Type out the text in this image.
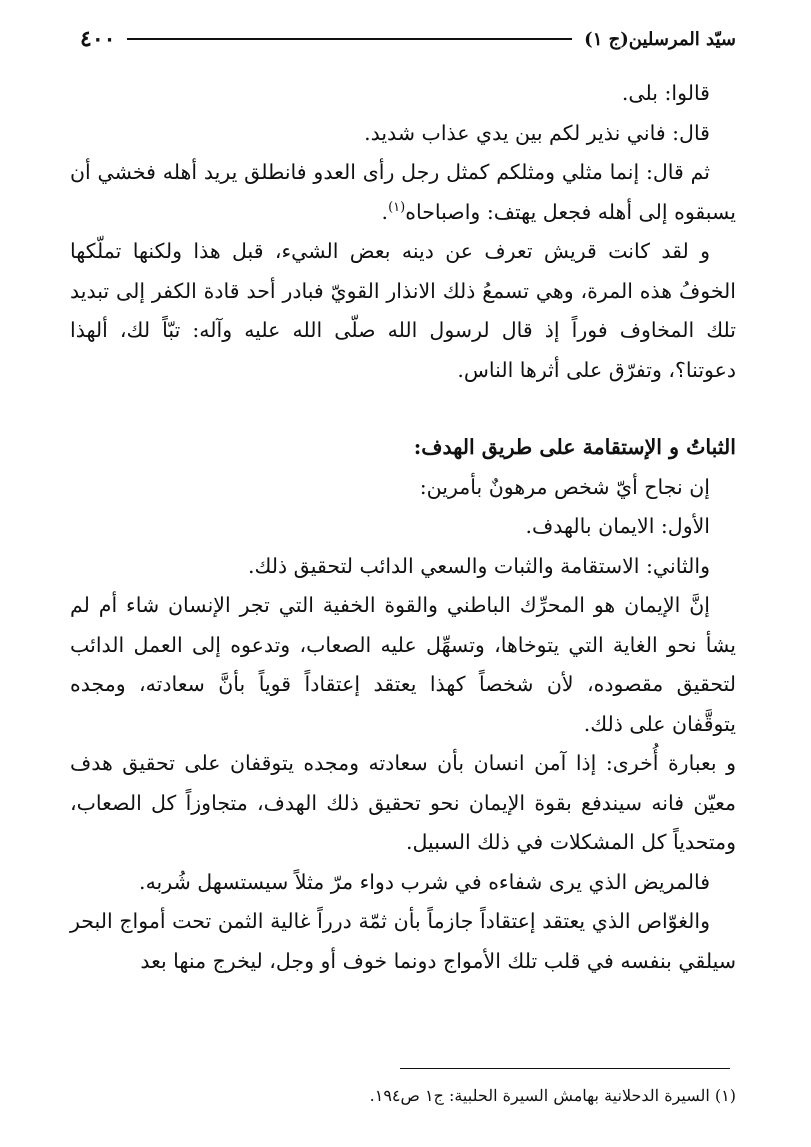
سيّد المرسلين(ج ١)
٤٠٠

قالوا: بلى.

قال: فاني نذير لكم بين يدي عذاب شديد.

ثم قال: إنما مثلي ومثلكم كمثل رجل رأى العدو فانطلق يريد أهله فخشي أن يسبقوه إلى أهله فجعل يهتف: واصباحاه$^{(١)}$.

و لقد كانت قريش تعرف عن دينه بعض الشيء، قبل هذا ولكنها تملّكها الخوفُ هذه المرة، وهي تسمعُ ذلك الانذار القويّ فبادر أحد قادة الكفر إلى تبديد تلك المخاوف فوراً إذ قال لرسول الله صلّى الله عليه وآله: تبّاً لك، ألهذا دعوتنا؟، وتفرّق على أثرها الناس.

الثباتُ و الإستقامة على طريق الهدف:

إن نجاح أيّ شخص مرهونٌ بأمرين:

الأول: الايمان بالهدف.

والثاني: الاستقامة والثبات والسعي الدائب لتحقيق ذلك.

إنَّ الإيمان هو المحرِّك الباطني والقوة الخفية التي تجر الإنسان شاء أم لم يشأ نحو الغاية التي يتوخاها، وتسهِّل عليه الصعاب، وتدعوه إلى العمل الدائب لتحقيق مقصوده، لأن شخصاً كهذا يعتقد إعتقاداً قوياً بأنَّ سعادته، ومجده يتوقَّفان على ذلك.

و بعبارة أُخرى: إذا آمن انسان بأن سعادته ومجده يتوقفان على تحقيق هدف معيّن فانه سيندفع بقوة الإيمان نحو تحقيق ذلك الهدف، متجاوزاً كل الصعاب، ومتحدياً كل المشكلات في ذلك السبيل.

فالمريض الذي يرى شفاءه في شرب دواء مرّ مثلاً سيستسهل شُربه.

والغوّاص الذي يعتقد إعتقاداً جازماً بأن ثمّة درراً غالية الثمن تحت أمواج البحر سيلقي بنفسه في قلب تلك الأمواج دونما خوف أو وجل، ليخرج منها بعد

(١) السيرة الدحلانية بهامش السيرة الحلبية: ج١ ص١٩٤.
